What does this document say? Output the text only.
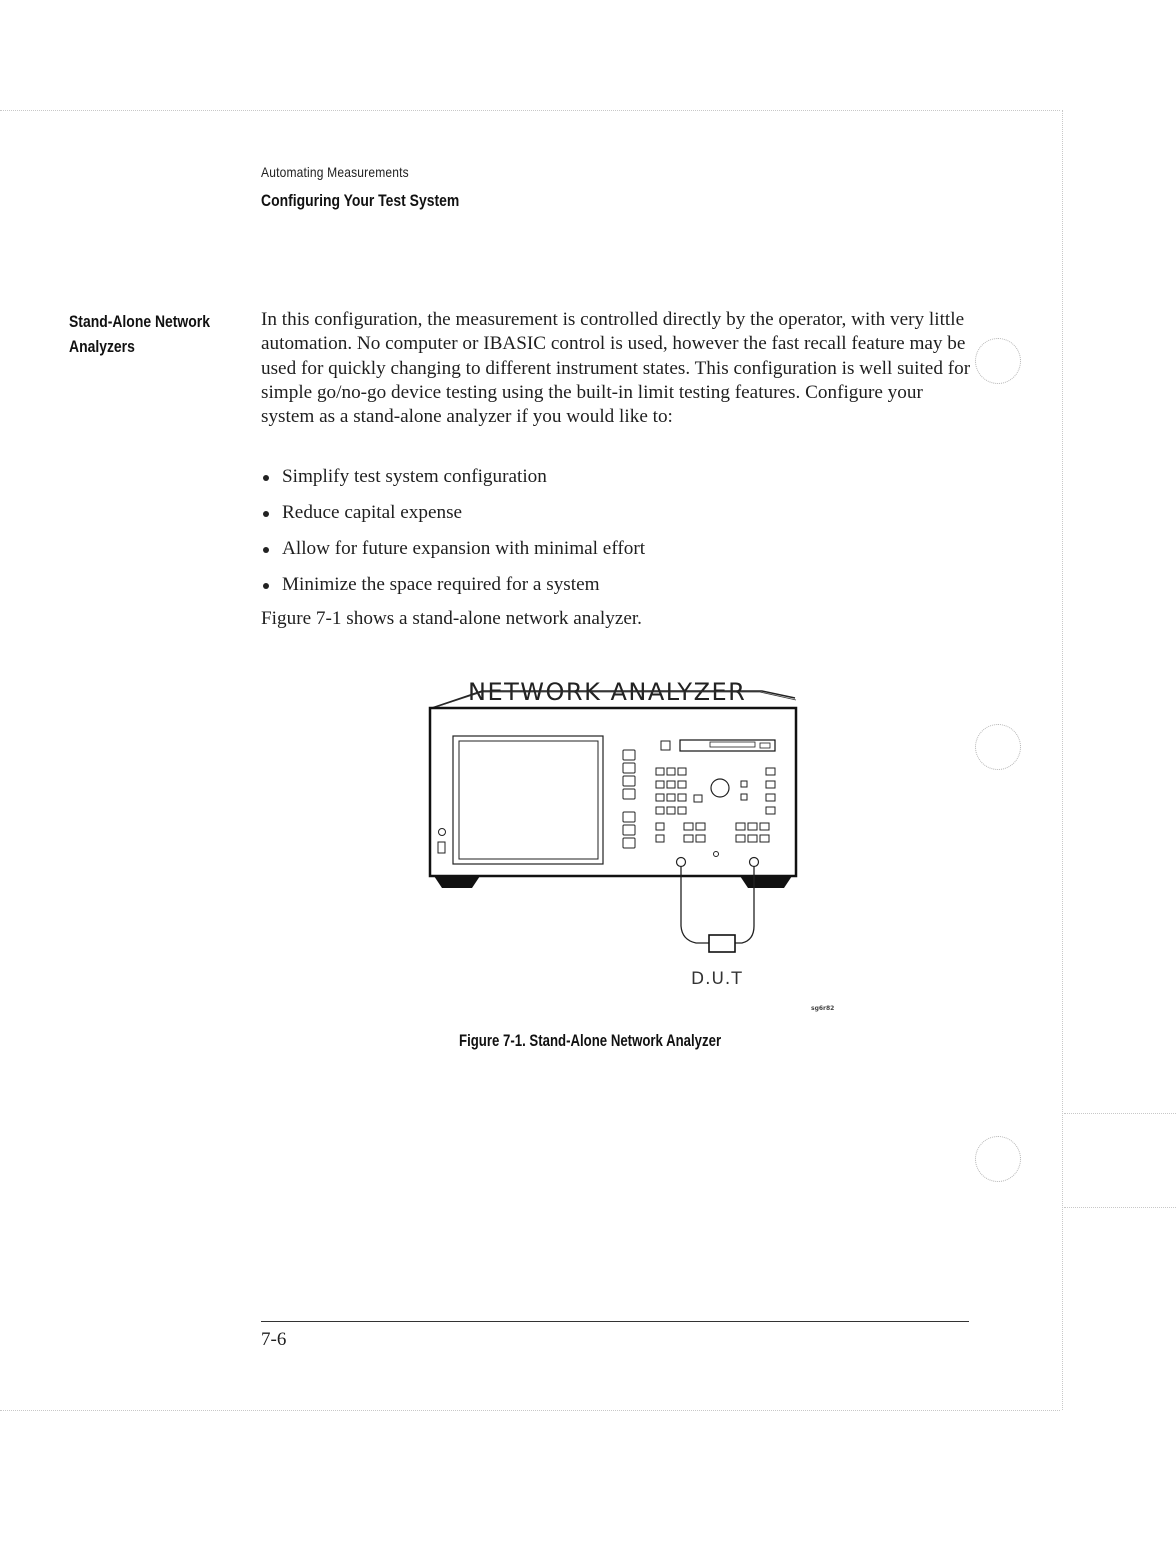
Automating Measurements
Configuring Your Test System
Stand-Alone Network
Analyzers

In this configuration, the measurement is controlled directly by the operator, with very little automation. No computer or IBASIC control is used, however the fast recall feature may be used for quickly changing to different instrument states. This configuration is well suited for simple go/no-go device testing using the built-in limit testing features. Configure your system as a stand-alone analyzer if you would like to:

Simplify test system configuration
Reduce capital expense
Allow for future expansion with minimal effort
Minimize the space required for a system
Figure 7-1 shows a stand-alone network analyzer.
NETWORK ANALYZER
D.U.T
sg6r82
Figure 7-1. Stand-Alone Network Analyzer
7-6
